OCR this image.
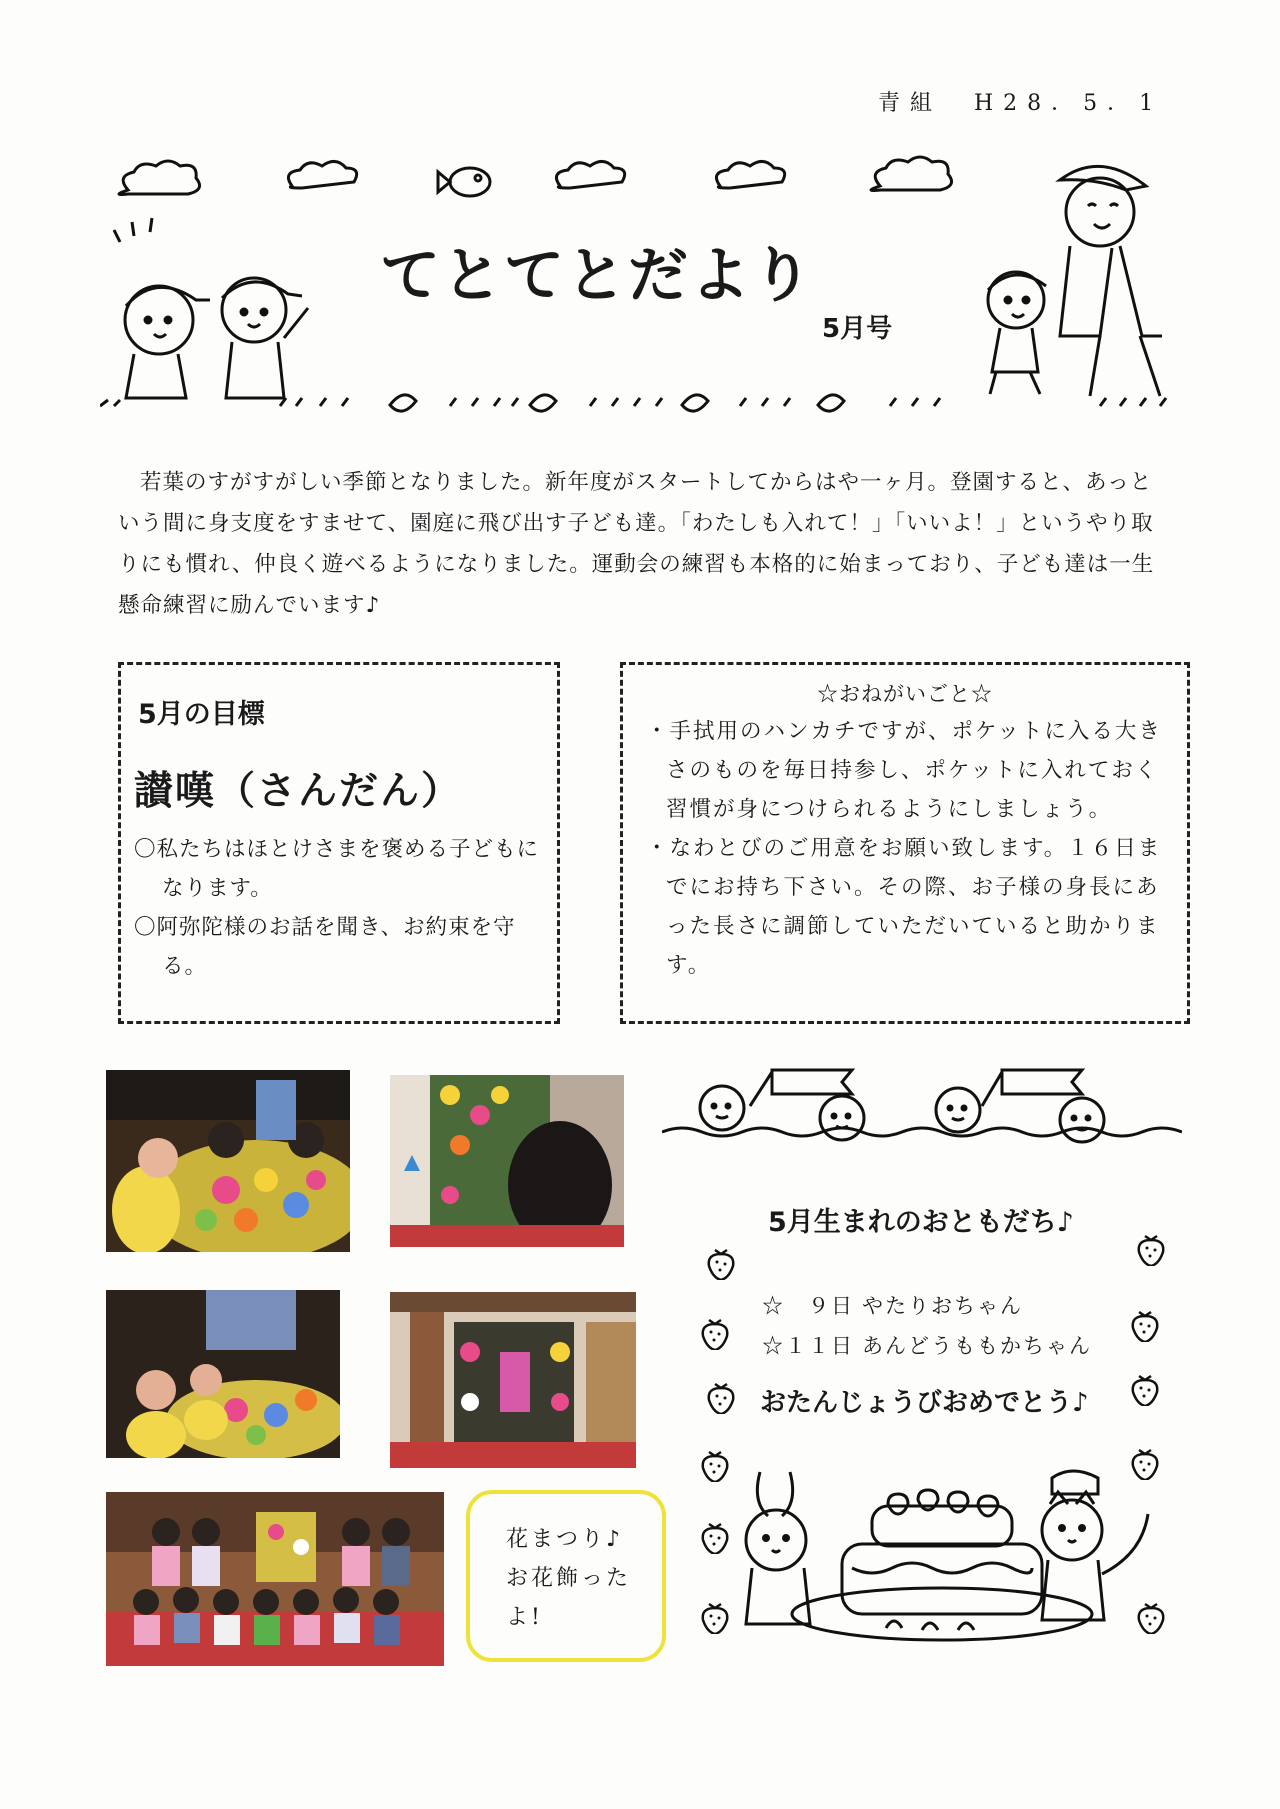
青組　H28．5．1
てとてとだより
5月号
若葉のすがすがしい季節となりました。新年度がスタートしてからはや一ヶ月。登園すると、あっという間に身支度をすませて、園庭に飛び出す子ども達。「わたしも入れて！」「いいよ！」というやり取りにも慣れ、仲良く遊べるようになりました。運動会の練習も本格的に始まっており、子ども達は一生懸命練習に励んでいます♪
5月の目標
讃嘆（さんだん）
〇私たちはほとけさまを褒める子どもになります。
〇阿弥陀様のお話を聞き、お約束を守る。
☆おねがいごと☆
・手拭用のハンカチですが、ポケットに入る大きさのものを毎日持参し、ポケットに入れておく習慣が身につけられるようにしましょう。
・なわとびのご用意をお願い致します。１６日までにお持ち下さい。その際、お子様の身長にあった長さに調節していただいていると助かります。
花まつり♪
お花飾った
よ!
5月生まれのおともだち♪
☆　９日 やたりおちゃん
☆１１日 あんどうももかちゃん
おたんじょうびおめでとう♪
